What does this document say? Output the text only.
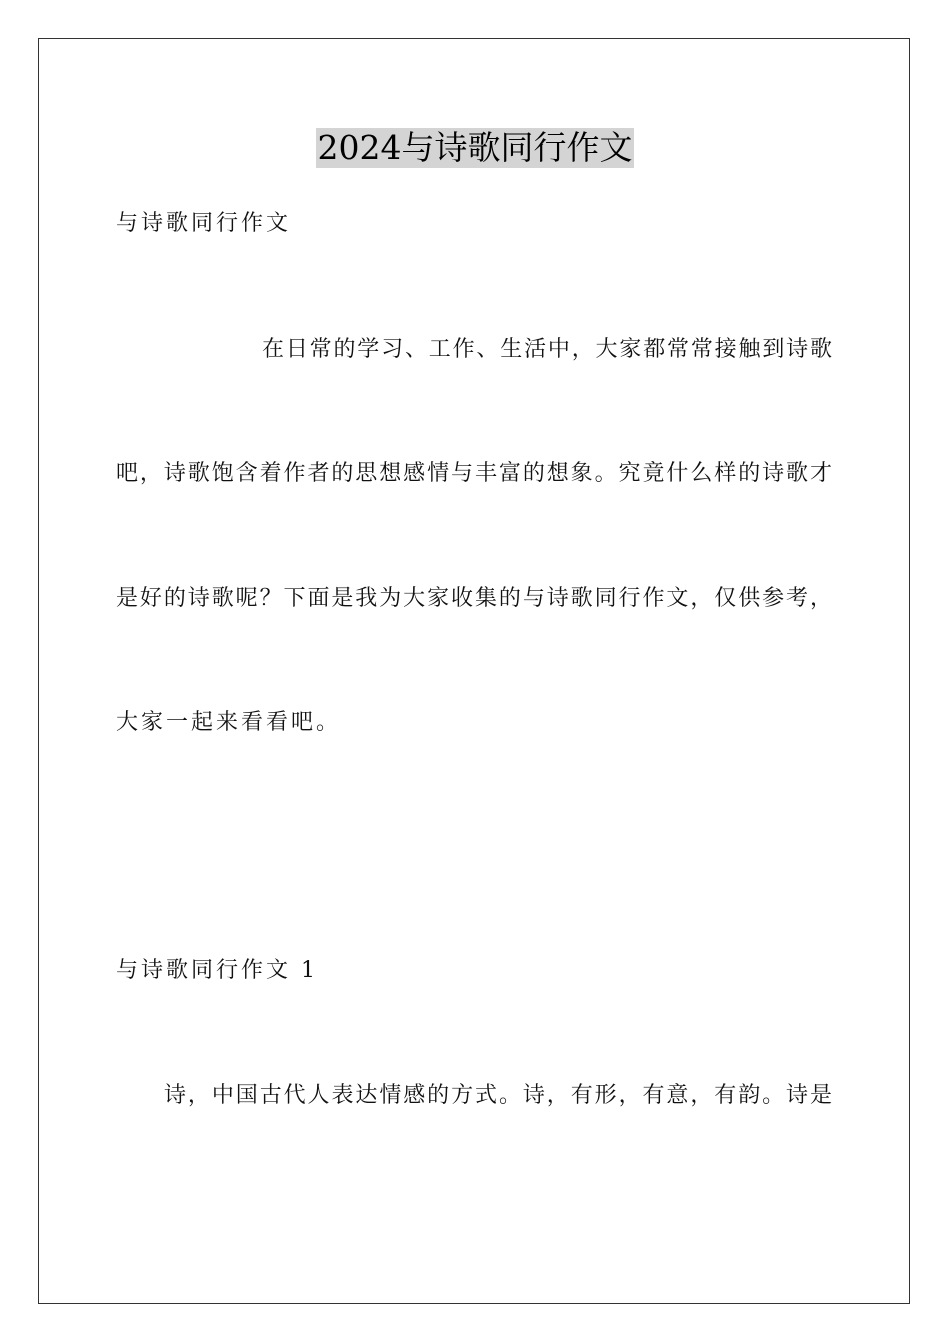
2024与诗歌同行作文
与诗歌同行作文
在日常的学习、工作、生活中，大家都常常接触到诗歌
吧，诗歌饱含着作者的思想感情与丰富的想象。究竟什么样的诗歌才
是好的诗歌呢？下面是我为大家收集的与诗歌同行作文，仅供参考，
大家一起来看看吧。
与诗歌同行作文 1
诗，中国古代人表达情感的方式。诗，有形，有意，有韵。诗是
